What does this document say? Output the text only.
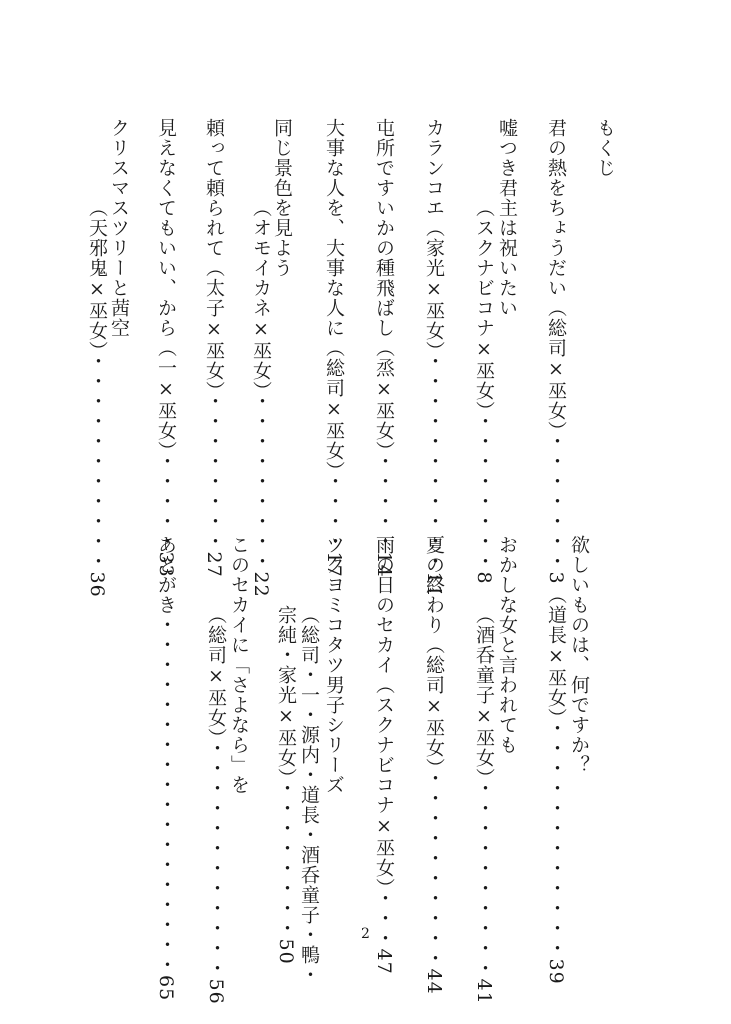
もくじ
君の熱をちょうだい（総司×巫女）・・・・・・・3
嘘つき君主は祝いたい
（スクナビコナ×巫女）・・・・・・・・8
カランコエ（家光×巫女）・・・・・・・・・・・11
屯所ですいかの種飛ばし（烝×巫女）・・・・・14
大事な人を、大事な人に（総司×巫女）・・・・17
同じ景色を見よう
（オモイカネ×巫女）・・・・・・・・・22
頼って頼られて（太子×巫女）・・・・・・・・27
見えなくてもいい、から（一×巫女）・・・・・33
クリスマスツリーと茜空
（天邪鬼×巫女）・・・・・・・・・・・36
欲しいものは、何ですか？
（道長×巫女）・・・・・・・・・・・・39
おかしな女と言われても
（酒呑童子×巫女）・・・・・・・・・・41
夏の終わり（総司×巫女）・・・・・・・・・・44
雨の日のセカイ（スクナビコナ×巫女）・・・47
ツクヨミコタツ男子シリーズ
（総司・一・源内・道長・酒呑童子・鴨・
宗純・家光×巫女）・・・・・・・・50
このセカイに「さよなら」を
（総司×巫女）・・・・・・・・・・・・56
あとがき・・・・・・・・・・・・・・・・・・65	2
